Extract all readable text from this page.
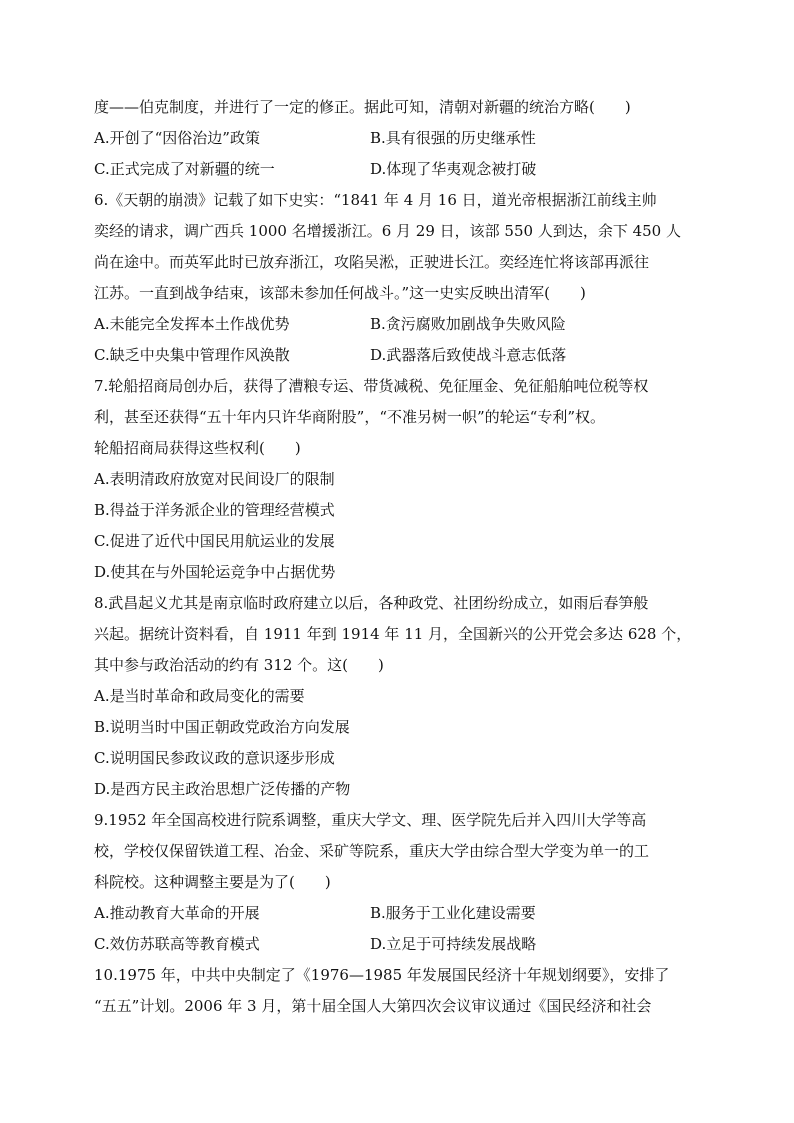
度——伯克制度，并进行了一定的修正。据此可知，清朝对新疆的统治方略(　　)
A.开创了“因俗治边”政策	B.具有很强的历史继承性
C.正式完成了对新疆的统一	D.体现了华夷观念被打破
6.《天朝的崩溃》记载了如下史实：“1841 年 4 月 16 日，道光帝根据浙江前线主帅
奕经的请求，调广西兵 1000 名增援浙江。6 月 29 日，该部 550 人到达，余下 450 人
尚在途中。而英军此时已放弃浙江，攻陷吴淞，正驶进长江。奕经连忙将该部再派往
江苏。一直到战争结束，该部未参加任何战斗。”这一史实反映出清军(　　)
A.未能完全发挥本土作战优势	B.贪污腐败加剧战争失败风险
C.缺乏中央集中管理作风涣散	D.武器落后致使战斗意志低落
7.轮船招商局创办后，获得了漕粮专运、带货减税、免征厘金、免征船舶吨位税等权
利，甚至还获得“五十年内只许华商附股”，“不准另树一帜”的轮运“专利”权。
轮船招商局获得这些权利(　　)
A.表明清政府放宽对民间设厂的限制
B.得益于洋务派企业的管理经营模式
C.促进了近代中国民用航运业的发展
D.使其在与外国轮运竞争中占据优势
8.武昌起义尤其是南京临时政府建立以后，各种政党、社团纷纷成立，如雨后春笋般
兴起。据统计资料看，自 1911 年到 1914 年 11 月，全国新兴的公开党会多达 628 个，
其中参与政治活动的约有 312 个。这(　　)
A.是当时革命和政局变化的需要
B.说明当时中国正朝政党政治方向发展
C.说明国民参政议政的意识逐步形成
D.是西方民主政治思想广泛传播的产物
9.1952 年全国高校进行院系调整，重庆大学文、理、医学院先后并入四川大学等高
校，学校仅保留铁道工程、冶金、采矿等院系，重庆大学由综合型大学变为单一的工
科院校。这种调整主要是为了(　　)
A.推动教育大革命的开展	B.服务于工业化建设需要
C.效仿苏联高等教育模式	D.立足于可持续发展战略
10.1975 年，中共中央制定了《1976—1985 年发展国民经济十年规划纲要》，安排了
“五五”计划。2006 年 3 月，第十届全国人大第四次会议审议通过《国民经济和社会
